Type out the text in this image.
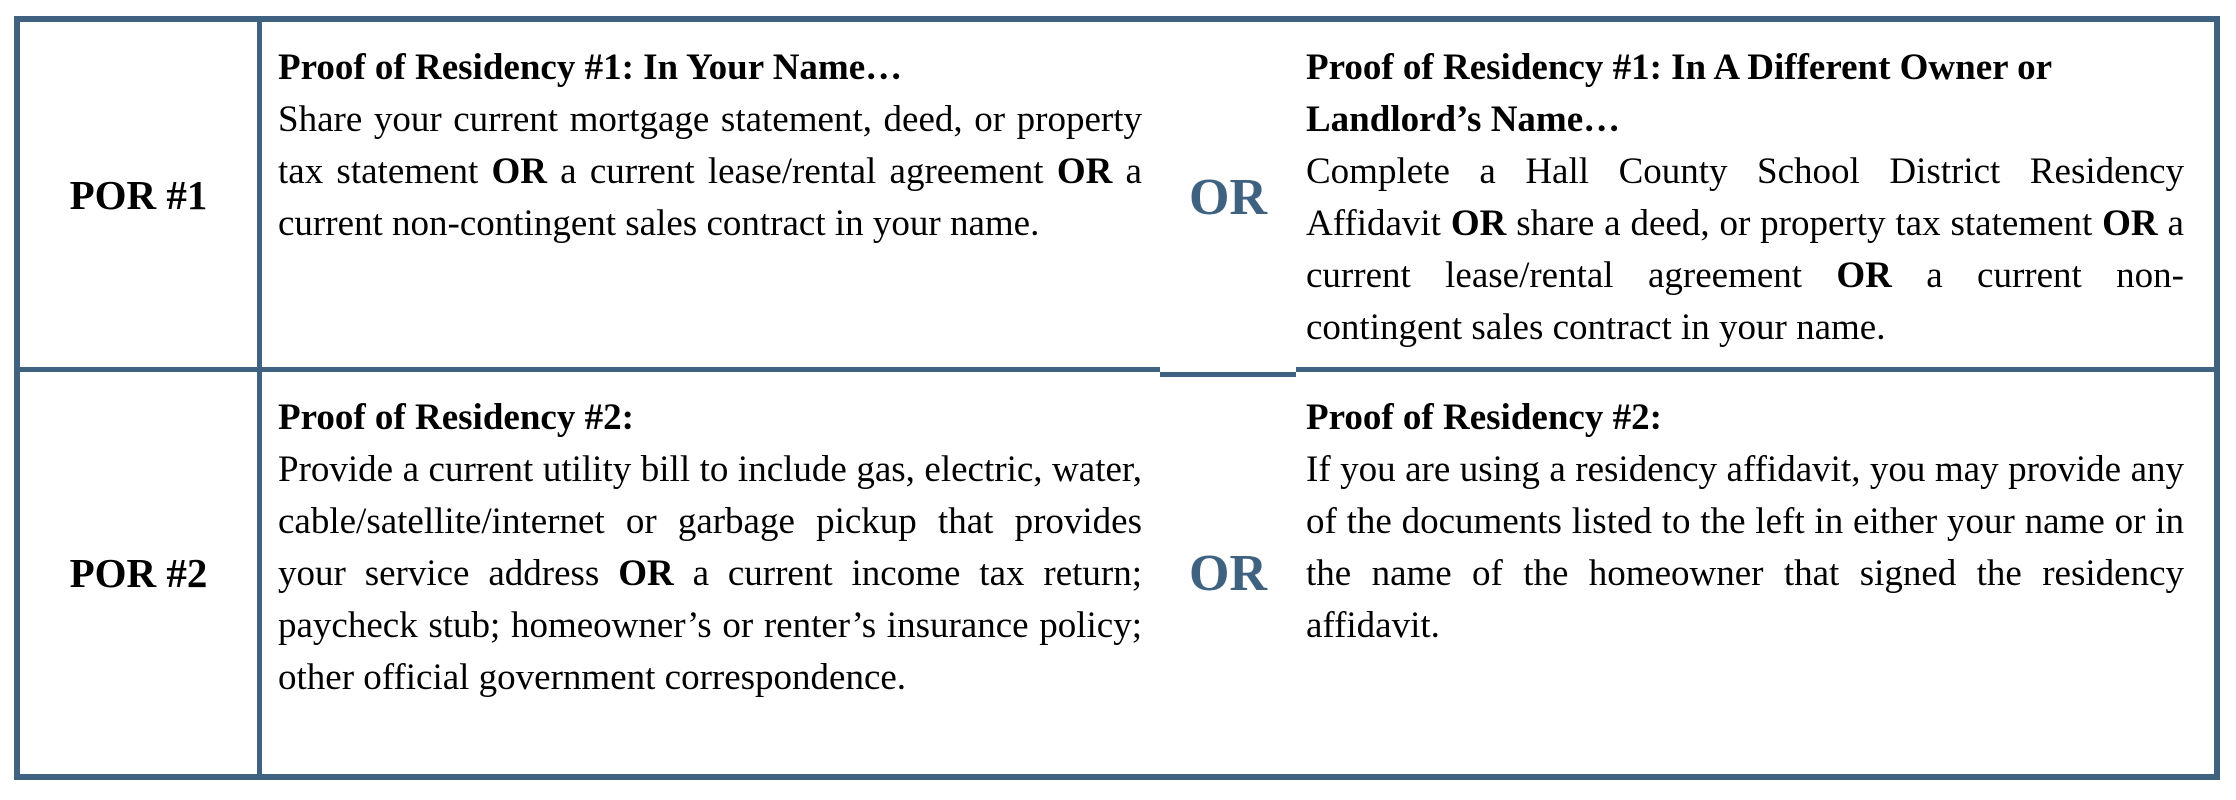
POR #1
Proof of Residency #1: In Your Name…
Share your current mortgage statement, deed, or property tax statement OR a current lease/rental agreement OR a current non-contingent sales contract in your name.	OR
Proof of Residency #1: In A Different Owner or Landlord’s Name…
Complete a Hall County School District Residency Affidavit OR share a deed, or property tax statement OR a current lease/rental agreement OR a current non-contingent sales contract in your name.
POR #2
Proof of Residency #2:
Provide a current utility bill to include gas, electric, water, cable/satellite/internet or garbage pickup that provides your service address OR a current income tax return; paycheck stub; homeowner’s or renter’s insurance policy; other official government correspondence.
OR
Proof of Residency #2:
If you are using a residency affidavit, you may provide any of the documents listed to the left in either your name or in the name of the homeowner that signed the residency affidavit.
